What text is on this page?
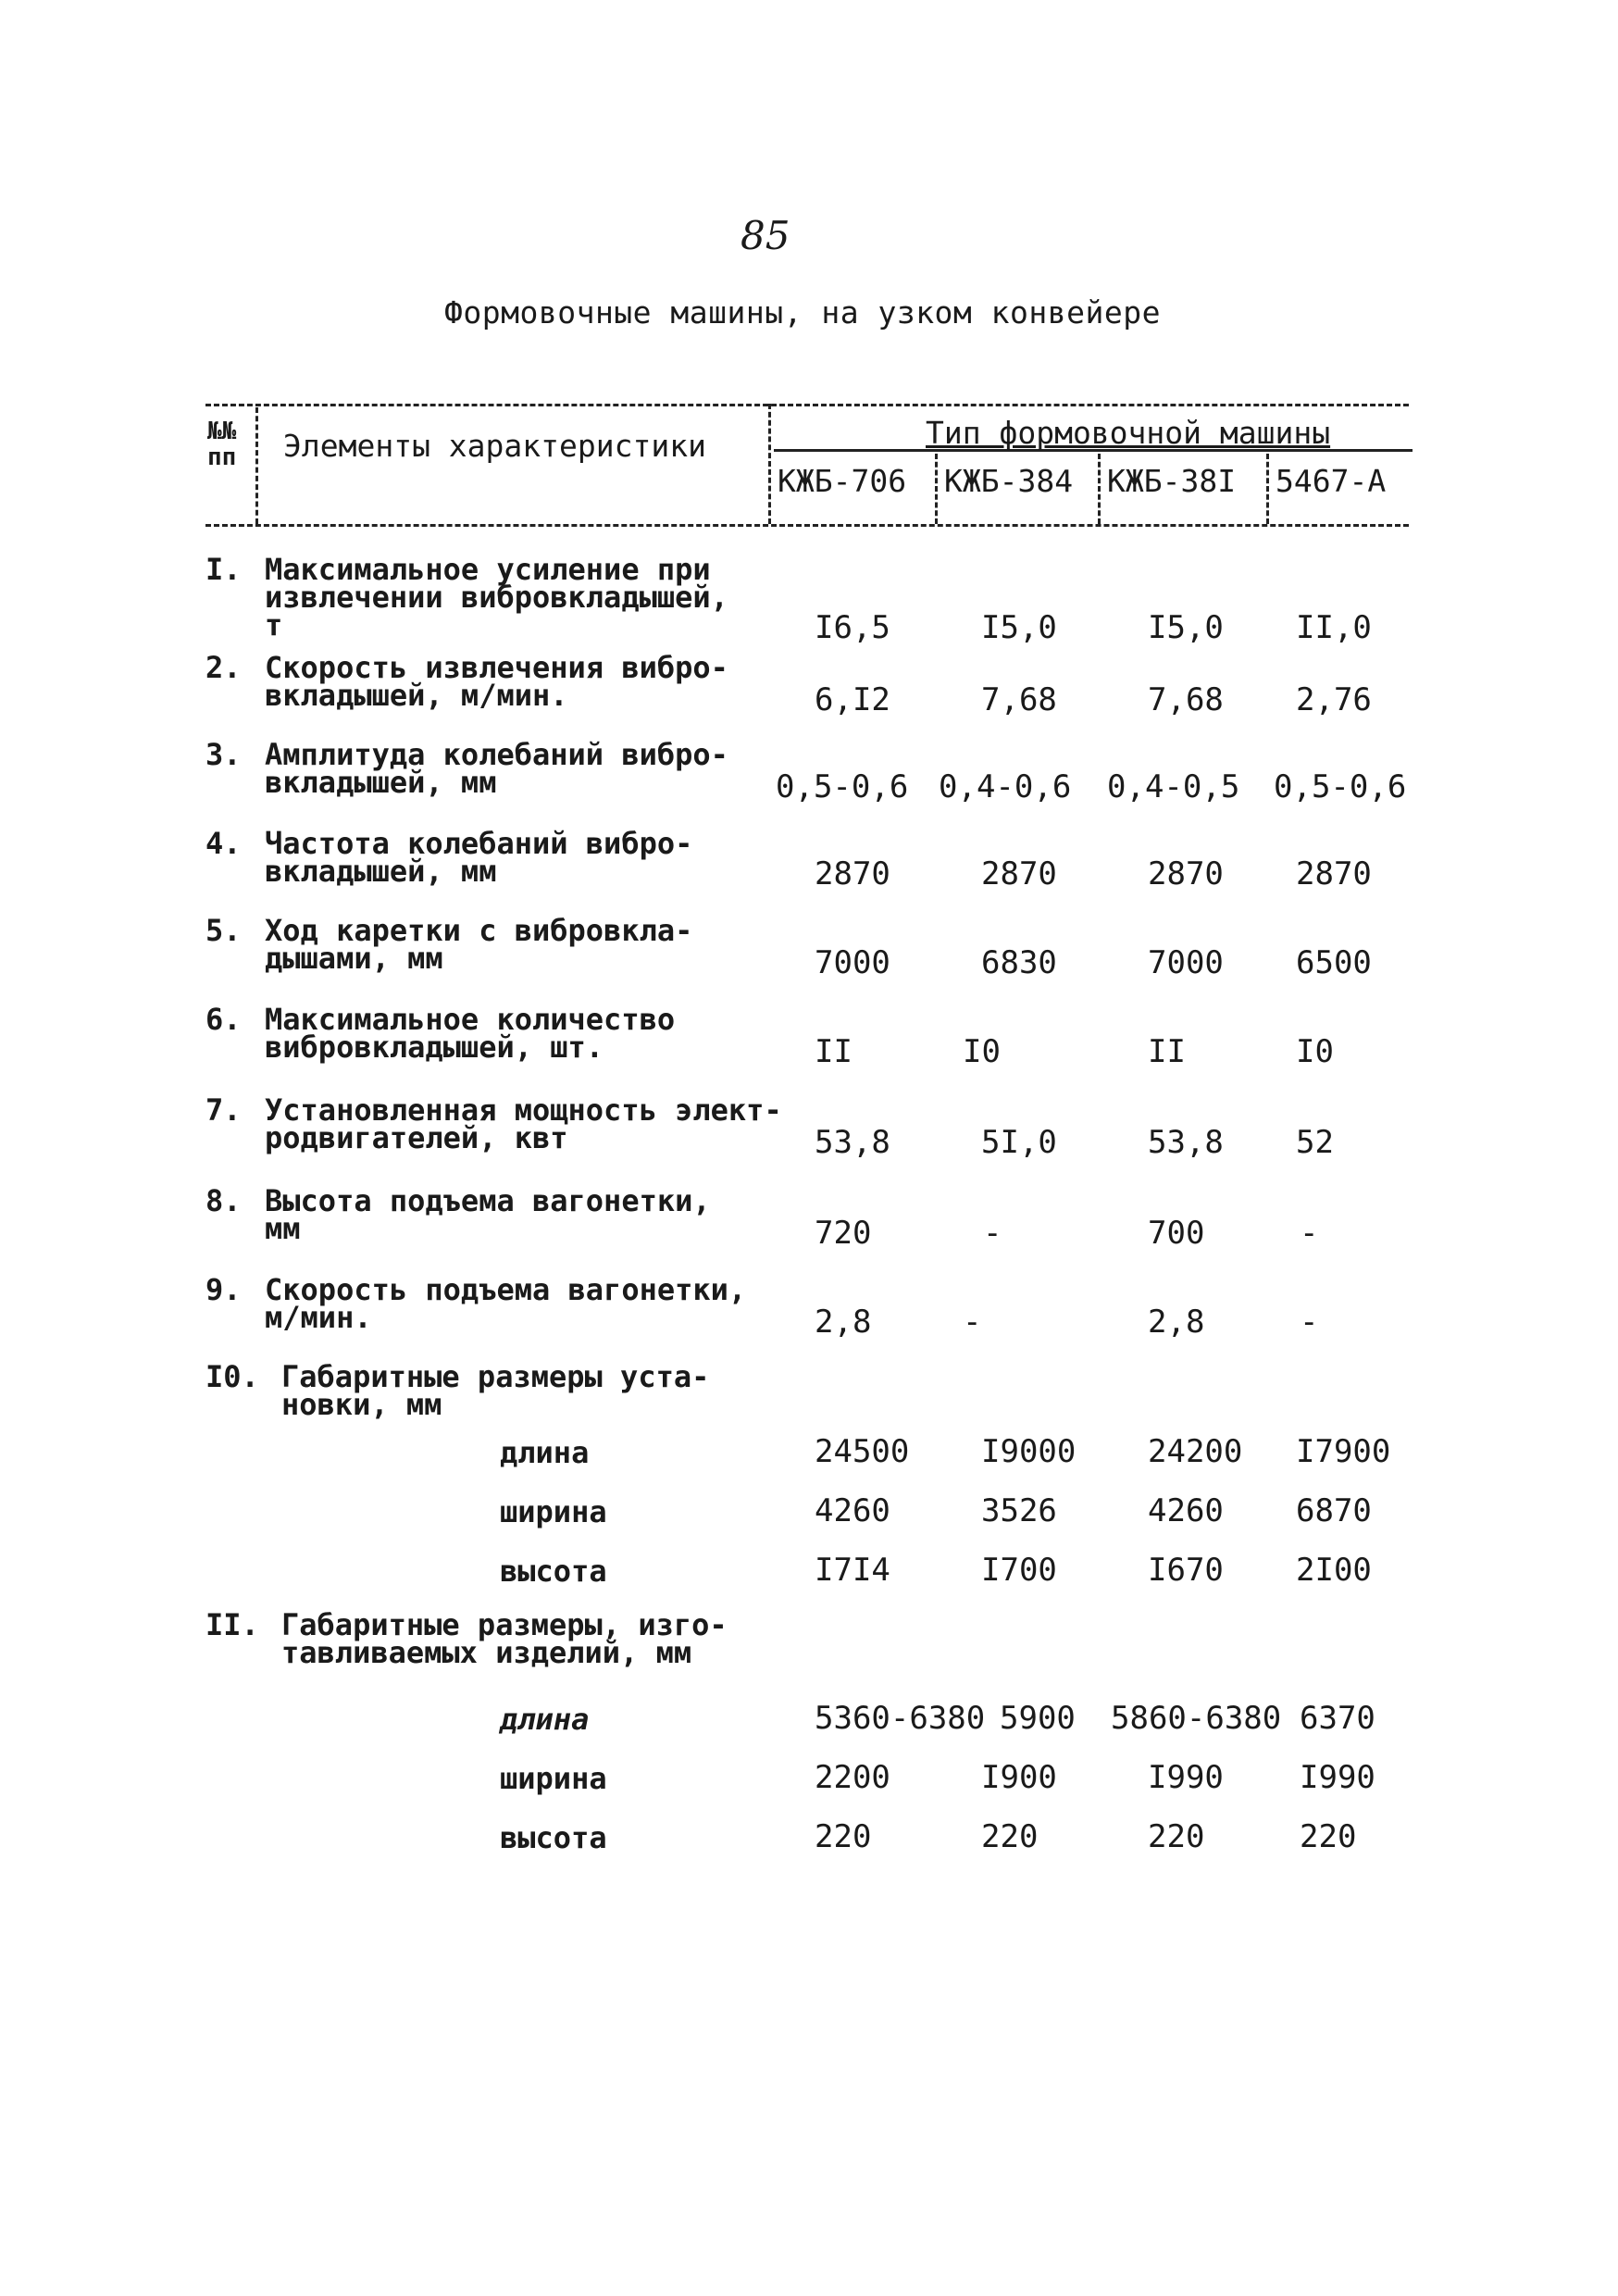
85
Формовочные машины, на узком конвейере
№№
пп Элементы характеристики	Тип формовочной машины
КЖБ-706 КЖБ-384 КЖБ-38I 5467-А
I. Максимальное усиление при
извлечении вибровкладышей,
т	I6,5	I5,0	I5,0 II,0
2. Скорость извлечения вибро-
вкладышей, м/мин.	6,I2	7,68	7,68 2,76
3. Амплитуда колебаний вибро-
вкладышей, мм	0,5-0,6 0,4-0,6 0,4-0,5 0,5-0,6
4. Частота колебаний вибро-
вкладышей, мм	2870	2870	2870 2870
5. Ход каретки с вибровкла-
дышами, мм	7000	6830	7000 6500
6. Максимальное количество
вибровкладышей, шт.	II	I0	II	I0
7. Установленная мощность элект-
родвигателей, квт	53,8	5I,0	53,8 52
8. Высота подъема вагонетки,
мм	720	-	700	-
9. Скорость подъема вагонетки,
м/мин.	2,8	-	2,8	-
I0. Габаритные размеры уста-
новки, мм
длина	24500 I9000 24200 I7900
ширина	4260	3526	4260 6870
высота	I7I4	I700	I670 2I00
II. Габаритные размеры, изго-
тавливаемых изделий, мм
длина	5360-6380 5900 5860-6380 6370
ширина	2200	I900	I990 I990
высота	220	220	220	220
